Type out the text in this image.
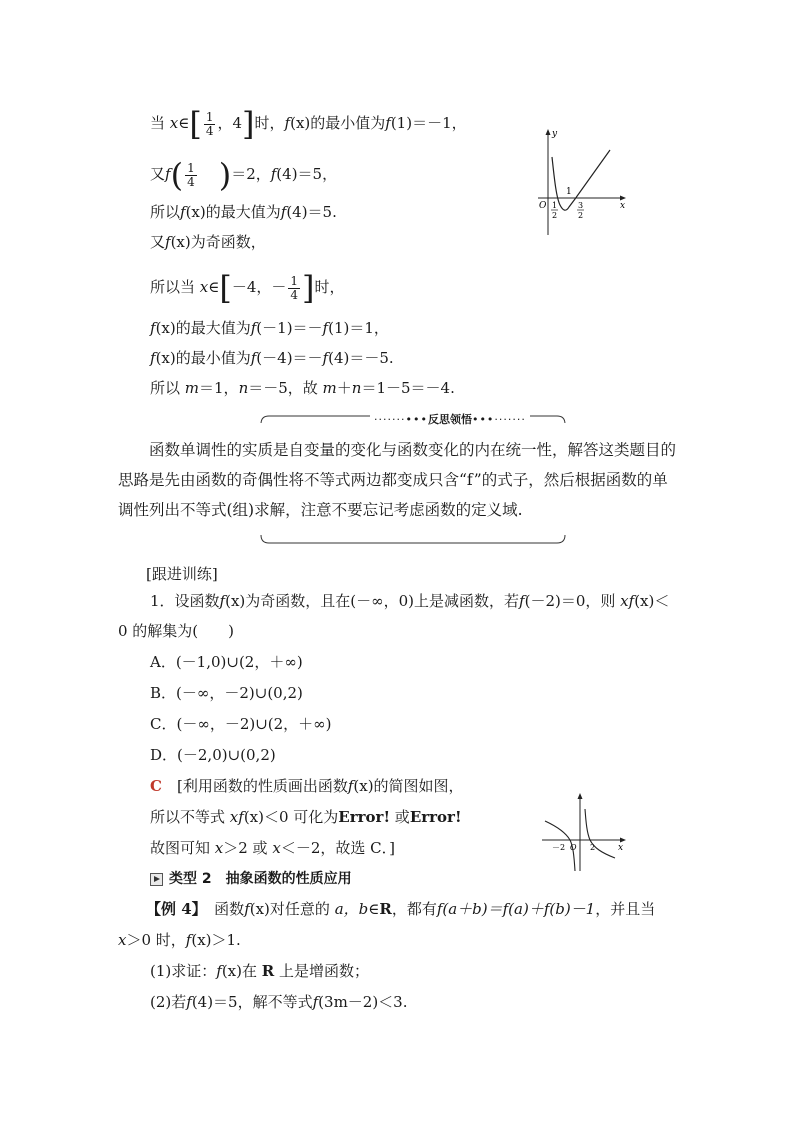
当 x∈[ $\frac{1}{4}$ ，4]时，f(x)的最小值为f(1)＝－1，
又$f( \frac{1}{4} )=2$，f(4)＝5，
所以f(x)的最大值为f(4)＝5.
又f(x)为奇函数，
所以当 x∈[－4，－ $\frac{1}{4}$ ]时，
f(x)的最大值为f(－1)＝－f(1)＝1，
f(x)的最小值为f(－4)＝－f(4)＝－5.
所以 m＝1，n＝－5，故 m＋n＝1－5＝－4.
y
x
O
1
1
2
3
2
·······•••反思领悟•••·······
函数单调性的实质是自变量的变化与函数变化的内在统一性，解答这类题目的思路是先由函数的奇偶性将不等式两边都变成只含“f”的式子，然后根据函数的单调性列出不等式(组)求解，注意不要忘记考虑函数的定义域.
[跟进训练]
1．设函数f(x)为奇函数，且在(－∞，0)上是减函数，若f(－2)＝0，则 xf(x)＜
0 的解集为(　　)
A．(－1,0)∪(2，＋∞)
B．(－∞，－2)∪(0,2)
C．(－∞，－2)∪(2，＋∞)
D．(－2,0)∪(0,2)
C　 [利用函数的性质画出函数f(x)的简图如图，
所以不等式 xf(x)＜0 可化为Error! 或Error!
故图可知 x＞2 或 x＜－2，故选 C．]	x
O
－2	2
类型 2　抽象函数的性质应用
【例 4】　函数f(x)对任意的 a，b∈R，都有f(a＋b)＝f(a)＋f(b)－1，并且当
x＞0 时，f(x)＞1.
(1)求证：f(x)在 R 上是增函数；
(2)若f(4)＝5，解不等式f(3m－2)＜3.
